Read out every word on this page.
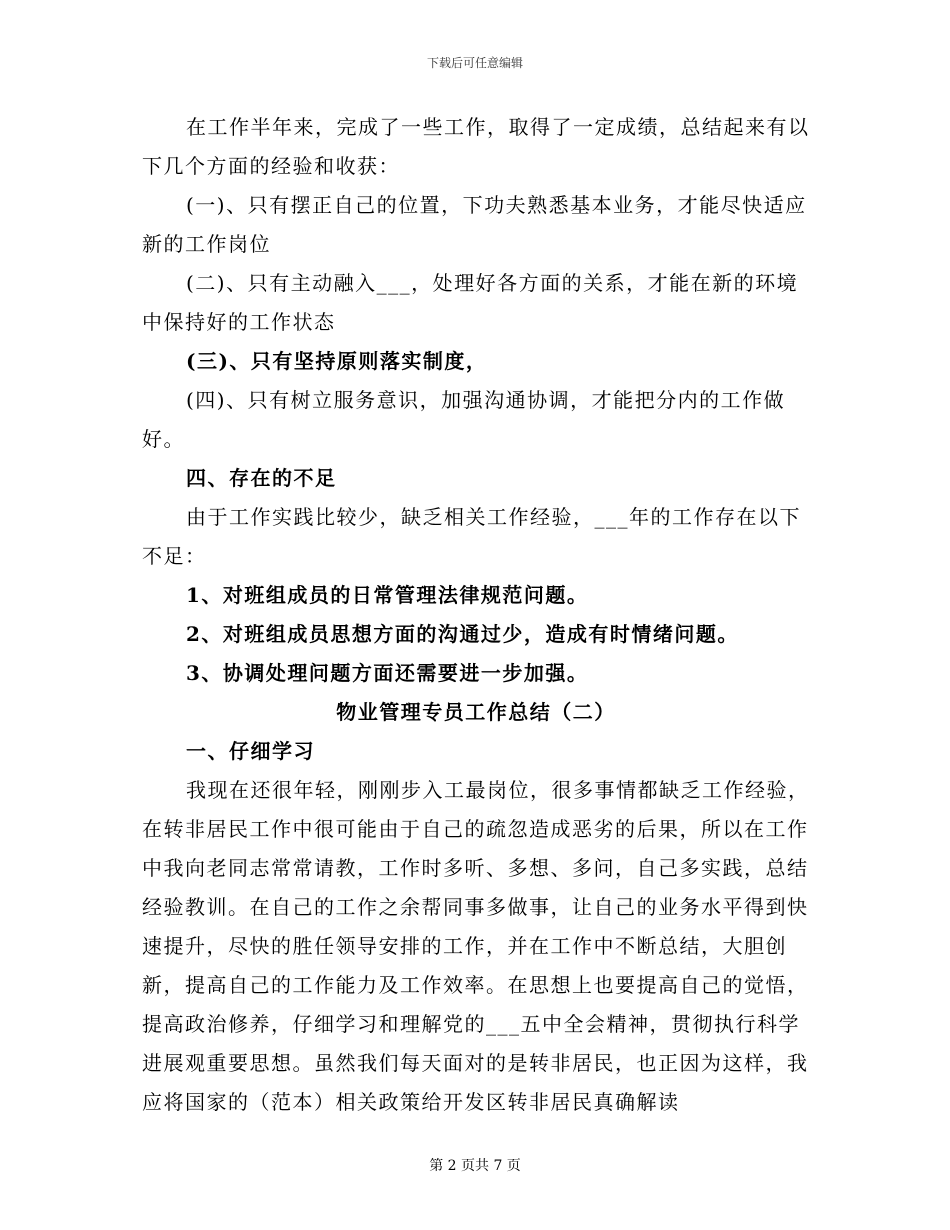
下载后可任意编辑

在工作半年来，完成了一些工作，取得了一定成绩，总结起来有以下几个方面的经验和收获：

(一)、只有摆正自己的位置，下功夫熟悉基本业务，才能尽快适应新的工作岗位

(二)、只有主动融入___，处理好各方面的关系，才能在新的环境中保持好的工作状态

(三)、只有坚持原则落实制度，

(四)、只有树立服务意识，加强沟通协调，才能把分内的工作做好。

四、存在的不足

由于工作实践比较少，缺乏相关工作经验，___年的工作存在以下不足：

1、对班组成员的日常管理法律规范问题。

2、对班组成员思想方面的沟通过少，造成有时情绪问题。

3、协调处理问题方面还需要进一步加强。

物业管理专员工作总结（二）

一、仔细学习

我现在还很年轻，刚刚步入工最岗位，很多事情都缺乏工作经验，在转非居民工作中很可能由于自己的疏忽造成恶劣的后果，所以在工作中我向老同志常常请教，工作时多听、多想、多问，自己多实践，总结经验教训。在自己的工作之余帮同事多做事，让自己的业务水平得到快速提升，尽快的胜任领导安排的工作，并在工作中不断总结，大胆创新，提高自己的工作能力及工作效率。在思想上也要提高自己的觉悟，提高政治修养，仔细学习和理解党的___五中全会精神，贯彻执行科学进展观重要思想。虽然我们每天面对的是转非居民，也正因为这样，我应将国家的（范本）相关政策给开发区转非居民真确解读

第 2 页共 7 页
